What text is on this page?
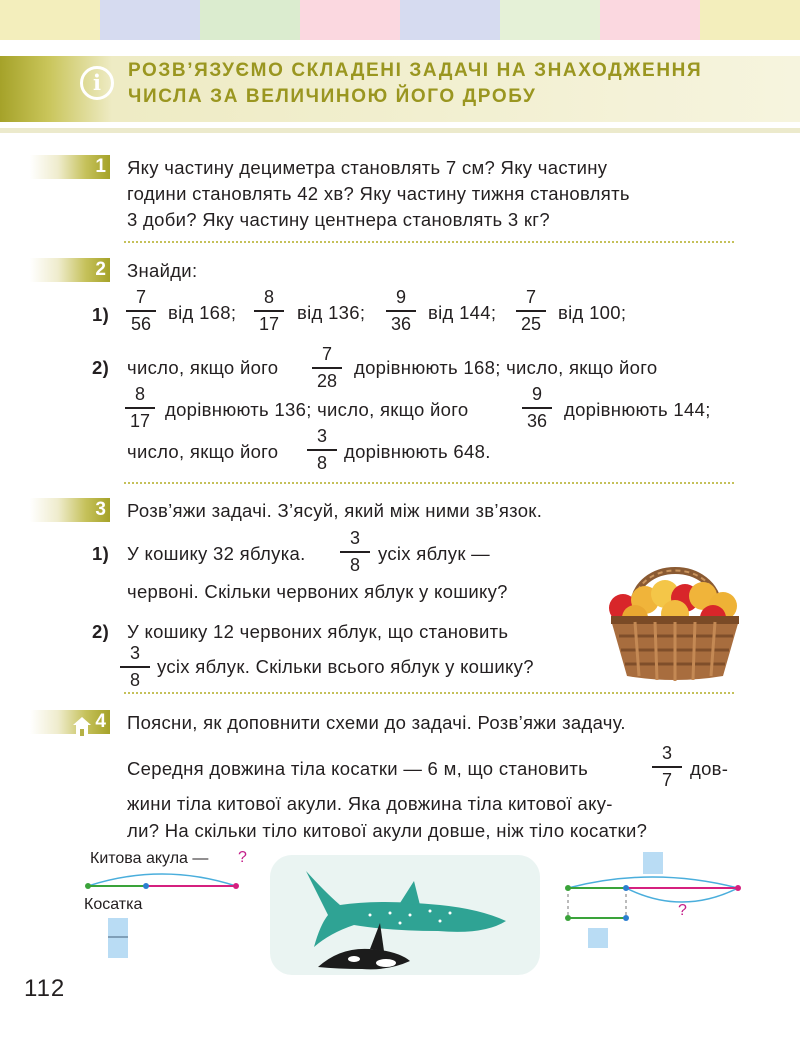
i	РОЗВ’ЯЗУЄМО СКЛАДЕНІ ЗАДАЧІ НА ЗНАХОДЖЕННЯ
ЧИСЛА ЗА ВЕЛИЧИНОЮ ЙОГО ДРОБУ
1 Яку частину дециметра становлять 7 см? Яку частину
години становлять 42 хв? Яку частину тижня становлять
3 доби? Яку частину центнера становлять 3 кг?
2 Знайди:
1)
7
56
від 168;
8
17
від 136;
9
36
від 144;
7
25
від 100;
2) число, якщо його
7
28
дорівнюють 168; число, якщо його
8
17
дорівнюють 136; число, якщо його
9
36
дорівнюють 144;
число, якщо його
3
8
дорівнюють 648.
3 Розв’яжи задачі. З’ясуй, який між ними зв’язок.
1) У кошику 32 яблука.
3
8
усіх яблук —
червоні. Скільки червоних яблук у кошику?
2) У кошику 12 червоних яблук, що становить
3
8
усіх яблук. Скільки всього яблук у кошику?
4 Поясни, як доповнити схеми до задачі. Розв’яжи задачу.
Середня довжина тіла косатки — 6 м, що становить
3
7
дов-
жини тіла китової акули. Яка довжина тіла китової аку-
ли? На скільки тіло китової акули довше, ніж тіло косатки?
Китова акула — ?
Косатка	?
112
